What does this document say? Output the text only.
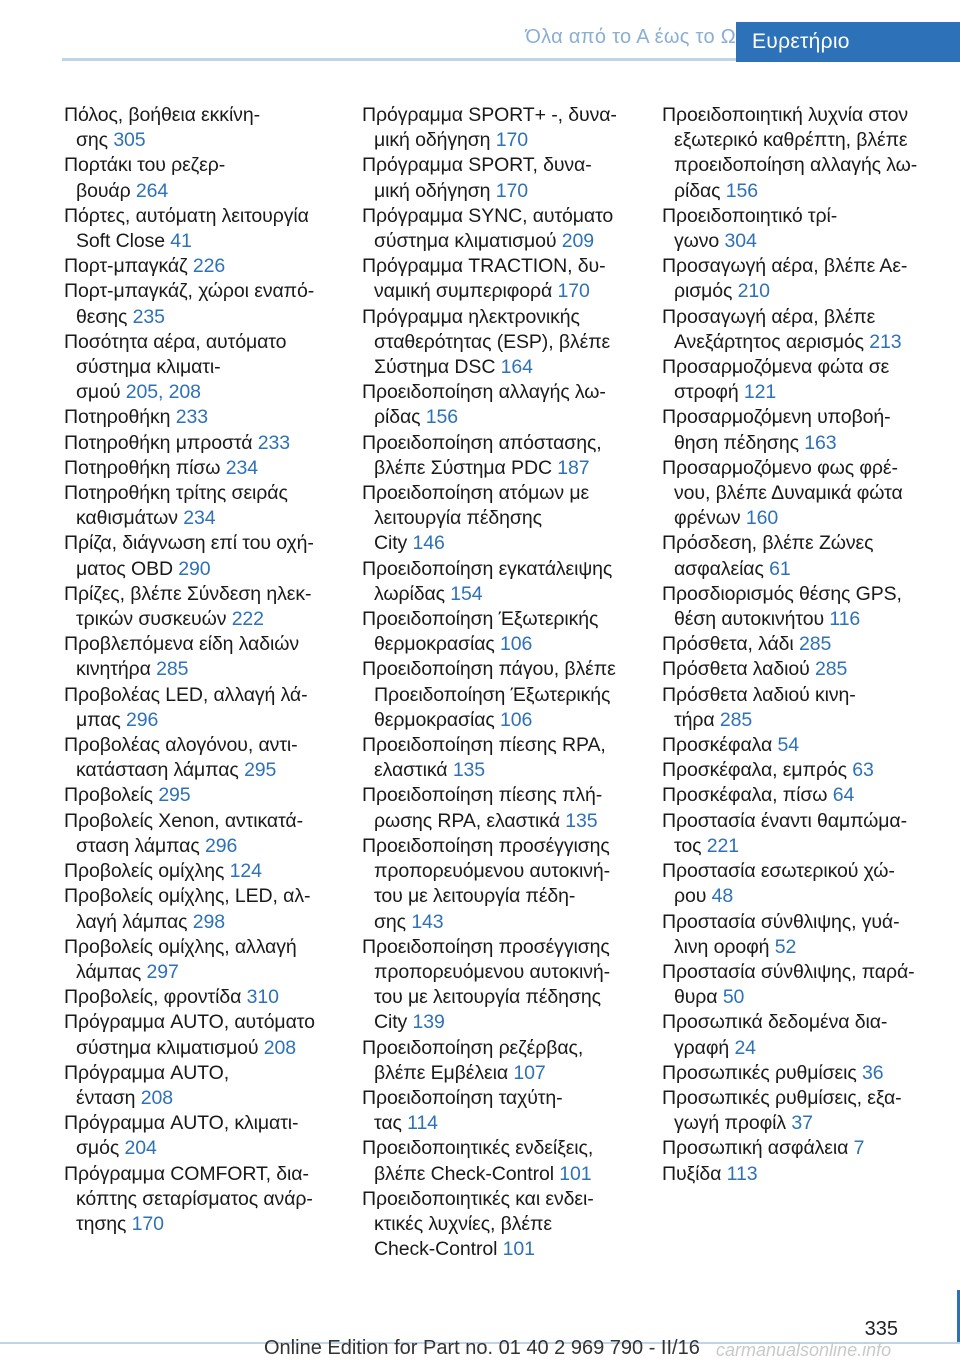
Όλα από το Α έως το Ω Ευρετήριο

Πόλος, βοήθεια εκκίνη-
σης 305

Πορτάκι του ρεζερ-
βουάρ 264

Πόρτες, αυτόματη λειτουργία
Soft Close 41

Πορτ-μπαγκάζ 226

Πορτ-μπαγκάζ, χώροι εναπό-
θεσης 235

Ποσότητα αέρα, αυτόματο
σύστημα κλιματι-
σμού 205, 208

Ποτηροθήκη 233

Ποτηροθήκη μπροστά 233

Ποτηροθήκη πίσω 234

Ποτηροθήκη τρίτης σειράς
καθισμάτων 234

Πρίζα, διάγνωση επί του οχή-
ματος OBD 290

Πρίζες, βλέπε Σύνδεση ηλεκ-
τρικών συσκευών 222

Προβλεπόμενα είδη λαδιών
κινητήρα 285

Προβολέας LED, αλλαγή λά-
μπας 296

Προβολέας αλογόνου, αντι-
κατάσταση λάμπας 295

Προβολείς 295

Προβολείς Xenon, αντικατά-
σταση λάμπας 296

Προβολείς ομίχλης 124

Προβολείς ομίχλης, LED, αλ-
λαγή λάμπας 298

Προβολείς ομίχλης, αλλαγή
λάμπας 297

Προβολείς, φροντίδα 310

Πρόγραμμα AUTO, αυτόματο
σύστημα κλιματισμού 208

Πρόγραμμα AUTO,
ένταση 208

Πρόγραμμα AUTO, κλιματι-
σμός 204

Πρόγραμμα COMFORT, δια-
κόπτης σεταρίσματος ανάρ-
τησης 170

Πρόγραμμα SPORT+ -, δυνα-
μική οδήγηση 170

Πρόγραμμα SPORT, δυνα-
μική οδήγηση 170

Πρόγραμμα SYNC, αυτόματο
σύστημα κλιματισμού 209

Πρόγραμμα TRACTION, δυ-
ναμική συμπεριφορά 170

Πρόγραμμα ηλεκτρονικής
σταθερότητας (ESP), βλέπε
Σύστημα DSC 164

Προειδοποίηση αλλαγής λω-
ρίδας 156

Προειδοποίηση απόστασης,
βλέπε Σύστημα PDC 187

Προειδοποίηση ατόμων με
λειτουργία πέδησης
City 146

Προειδοποίηση εγκατάλειψης
λωρίδας 154

Προειδοποίηση Έξωτερικής
θερμοκρασίας 106

Προειδοποίηση πάγου, βλέπε
Προειδοποίηση Έξωτερικής
θερμοκρασίας 106

Προειδοποίηση πίεσης RPA,
ελαστικά 135

Προειδοποίηση πίεσης πλή-
ρωσης RPA, ελαστικά 135

Προειδοποίηση προσέγγισης
προπορευόμενου αυτοκινή-
του με λειτουργία πέδη-
σης 143

Προειδοποίηση προσέγγισης
προπορευόμενου αυτοκινή-
του με λειτουργία πέδησης
City 139

Προειδοποίηση ρεζέρβας,
βλέπε Εμβέλεια 107

Προειδοποίηση ταχύτη-
τας 114

Προειδοποιητικές ενδείξεις,
βλέπε Check-Control 101

Προειδοποιητικές και ενδει-
κτικές λυχνίες, βλέπε
Check-Control 101

Προειδοποιητική λυχνία στον
εξωτερικό καθρέπτη, βλέπε
προειδοποίηση αλλαγής λω-
ρίδας 156

Προειδοποιητικό τρί-
γωνο 304

Προσαγωγή αέρα, βλέπε Αε-
ρισμός 210

Προσαγωγή αέρα, βλέπε
Ανεξάρτητος αερισμός 213

Προσαρμοζόμενα φώτα σε
στροφή 121

Προσαρμοζόμενη υποβοή-
θηση πέδησης 163

Προσαρμοζόμενο φως φρέ-
νου, βλέπε Δυναμικά φώτα
φρένων 160

Πρόσδεση, βλέπε Ζώνες
ασφαλείας 61

Προσδιορισμός θέσης GPS,
θέση αυτοκινήτου 116

Πρόσθετα, λάδι 285

Πρόσθετα λαδιού 285

Πρόσθετα λαδιού κινη-
τήρα 285

Προσκέφαλα 54

Προσκέφαλα, εμπρός 63

Προσκέφαλα, πίσω 64

Προστασία έναντι θαμπώμα-
τος 221

Προστασία εσωτερικού χώ-
ρου 48

Προστασία σύνθλιψης, γυά-
λινη οροφή 52

Προστασία σύνθλιψης, παρά-
θυρα 50

Προσωπικά δεδομένα δια-
γραφή 24

Προσωπικές ρυθμίσεις 36

Προσωπικές ρυθμίσεις, εξα-
γωγή προφίλ 37

Προσωπική ασφάλεια 7

Πυξίδα 113

335
Online Edition for Part no. 01 40 2 969 790 - II/16 carmanualsonline.info
